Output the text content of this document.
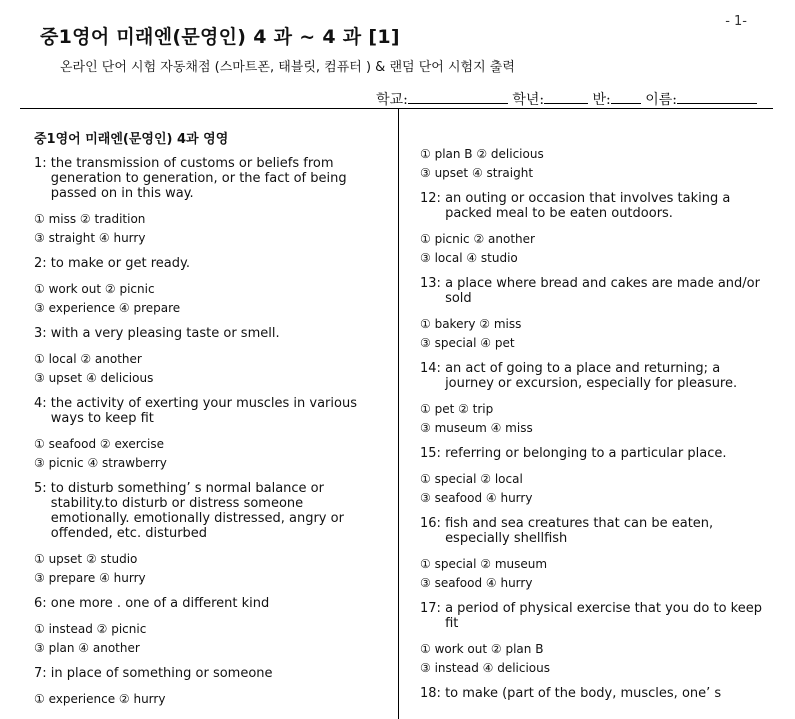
- 1-
중1영어 미래엔(문영인) 4 과 ~ 4 과 [1]
온라인 단어 시험 자동채점 (스마트폰, 태블릿, 컴퓨터 ) & 랜덤 단어 시험지 출력
학교:	학년:	반: 이름:
중1영어 미래엔(문영인) 4과 영영
1: the transmission of customs or beliefs from generation to generation, or the fact of being passed on in this way.
① miss ② tradition
③ straight ④ hurry
2: to make or get ready.
① work out ② picnic
③ experience ④ prepare
3: with a very pleasing taste or smell.
① local ② another
③ upset ④ delicious
4: the activity of exerting your muscles in various ways to keep fit
① seafood ② exercise
③ picnic ④ strawberry
5: to disturb something’ s normal balance or stability.to disturb or distress someone emotionally. emotionally distressed, angry or offended, etc. disturbed
① upset ② studio
③ prepare ④ hurry
6: one more . one of a different kind
① instead ② picnic
③ plan ④ another
7: in place of something or someone
① experience ② hurry
① plan B ② delicious
③ upset ④ straight
12: an outing or occasion that involves taking a packed meal to be eaten outdoors.
① picnic ② another
③ local ④ studio
13: a place where bread and cakes are made and/or sold
① bakery ② miss
③ special ④ pet
14: an act of going to a place and returning; a journey or excursion, especially for pleasure.
① pet ② trip
③ museum ④ miss
15: referring or belonging to a particular place.
① special ② local
③ seafood ④ hurry
16: fish and sea creatures that can be eaten, especially shellfish
① special ② museum
③ seafood ④ hurry
17: a period of physical exercise that you do to keep fit
① work out ② plan B
③ instead ④ delicious
18: to make (part of the body, muscles, one’ s
